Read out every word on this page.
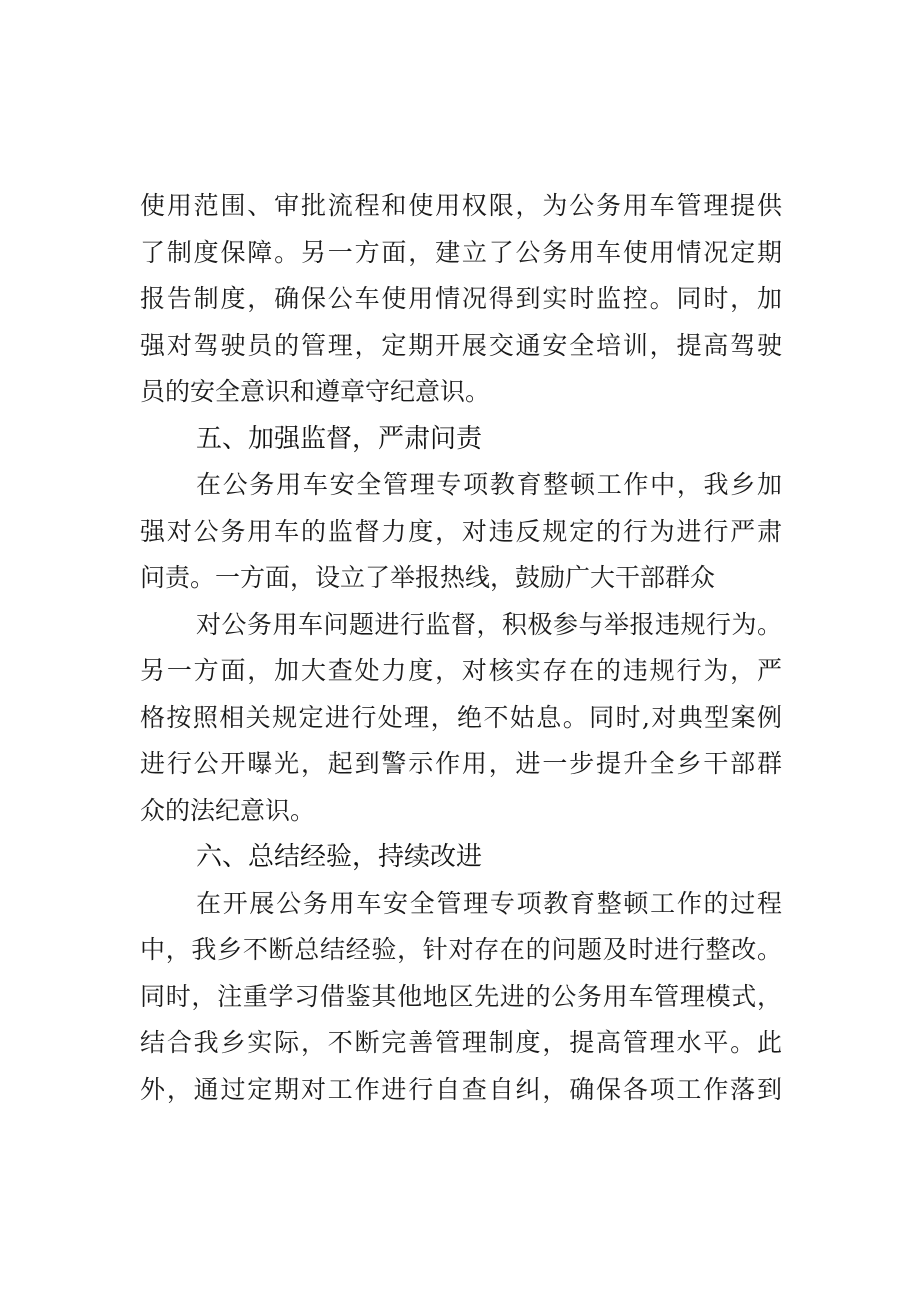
使用范围、审批流程和使用权限，为公务用车管理提供
了制度保障。另一方面，建立了公务用车使用情况定期
报告制度，确保公车使用情况得到实时监控。同时，加
强对驾驶员的管理，定期开展交通安全培训，提高驾驶
员的安全意识和遵章守纪意识。
五、加强监督，严肃问责
在公务用车安全管理专项教育整顿工作中，我乡加
强对公务用车的监督力度，对违反规定的行为进行严肃
问责。一方面，设立了举报热线，鼓励广大干部群众
对公务用车问题进行监督，积极参与举报违规行为。
另一方面，加大查处力度，对核实存在的违规行为，严
格按照相关规定进行处理，绝不姑息。同时,对典型案例
进行公开曝光，起到警示作用，进一步提升全乡干部群
众的法纪意识。
六、总结经验，持续改进
在开展公务用车安全管理专项教育整顿工作的过程
中，我乡不断总结经验，针对存在的问题及时进行整改。
同时，注重学习借鉴其他地区先进的公务用车管理模式，
结合我乡实际，不断完善管理制度，提高管理水平。此
外，通过定期对工作进行自查自纠，确保各项工作落到
